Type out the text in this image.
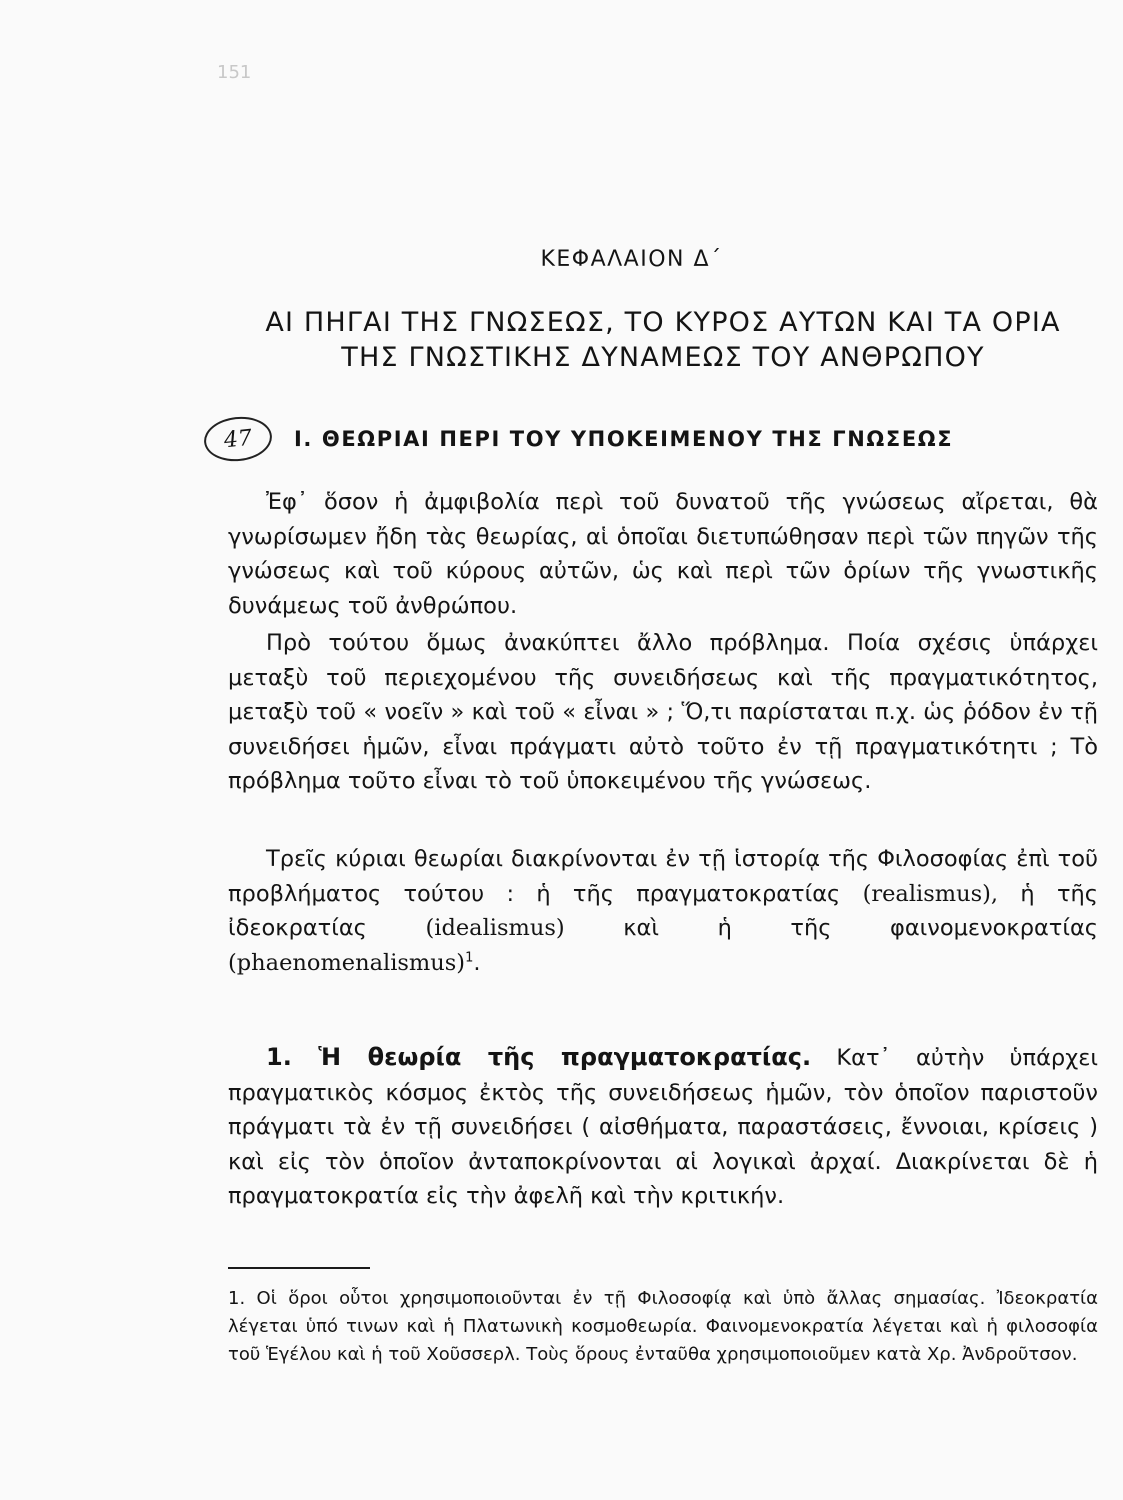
151
ΚΕΦΑΛΑΙΟΝ Δ΄
ΑΙ ΠΗΓΑΙ ΤΗΣ ΓΝΩΣΕΩΣ, ΤΟ ΚΥΡΟΣ ΑΥΤΩΝ ΚΑΙ ΤΑ ΟΡΙΑ
ΤΗΣ ΓΝΩΣΤΙΚΗΣ ΔΥΝΑΜΕΩΣ ΤΟΥ ΑΝΘΡΩΠΟΥ
47	Ι. ΘΕΩΡΙΑΙ ΠΕΡΙ ΤΟΥ ΥΠΟΚΕΙΜΕΝΟΥ ΤΗΣ ΓΝΩΣΕΩΣ

Ἐφ᾽ ὅσον ἡ ἀμφιβολία περὶ τοῦ δυνατοῦ τῆς γνώσεως αἴρεται, θὰ γνωρίσωμεν ἤδη τὰς θεωρίας, αἱ ὁποῖαι διετυπώθησαν περὶ τῶν πηγῶν τῆς γνώσεως καὶ τοῦ κύρους αὐτῶν, ὡς καὶ περὶ τῶν ὁρίων τῆς γνωστικῆς δυνάμεως τοῦ ἀνθρώπου.

Πρὸ τούτου ὅμως ἀνακύπτει ἄλλο πρόβλημα. Ποία σχέσις ὑπάρχει μεταξὺ τοῦ περιεχομένου τῆς συνειδήσεως καὶ τῆς πραγματικότητος, μεταξὺ τοῦ « νοεῖν » καὶ τοῦ « εἶναι » ; Ὅ,τι παρίσταται π.χ. ὡς ῥόδον ἐν τῇ συνειδήσει ἡμῶν, εἶναι πράγματι αὐτὸ τοῦτο ἐν τῇ πραγματικότητι ; Τὸ πρόβλημα τοῦτο εἶναι τὸ τοῦ ὑποκειμένου τῆς γνώσεως.

Τρεῖς κύριαι θεωρίαι διακρίνονται ἐν τῇ ἱστορίᾳ τῆς Φιλοσοφίας ἐπὶ τοῦ προβλήματος τούτου : ἡ τῆς πραγματοκρατίας (realismus), ἡ τῆς ἰδεοκρατίας	(idealismus)	καὶ ἡ τῆς φαινομενοκρατίας (phaenomenalismus)$^1$.

1. Ἡ θεωρία τῆς πραγματοκρατίας. Κατ᾽ αὐτὴν ὑπάρχει πραγματικὸς κόσμος ἐκτὸς τῆς συνειδήσεως ἡμῶν, τὸν ὁποῖον παριστοῦν πράγματι τὰ ἐν τῇ συνειδήσει ( αἰσθήματα, παραστάσεις, ἔννοιαι, κρίσεις ) καὶ εἰς τὸν ὁποῖον ἀνταποκρίνονται αἱ λογικαὶ ἀρχαί. Διακρίνεται δὲ ἡ πραγματοκρατία εἰς τὴν ἀφελῆ καὶ τὴν κριτικήν.

1. Οἱ ὅροι οὗτοι χρησιμοποιοῦνται ἐν τῇ Φιλοσοφίᾳ καὶ ὑπὸ ἄλλας σημασίας. Ἰδεοκρατία λέγεται ὑπό τινων καὶ ἡ Πλατωνικὴ κοσμοθεωρία. Φαινομενοκρατία λέγεται καὶ ἡ φιλοσοφία τοῦ Ἑγέλου καὶ ἡ τοῦ Χοῦσσερλ. Τοὺς ὅρους ἐνταῦθα χρησιμοποιοῦμεν κατὰ Χρ. Ἀνδροῦτσον.
